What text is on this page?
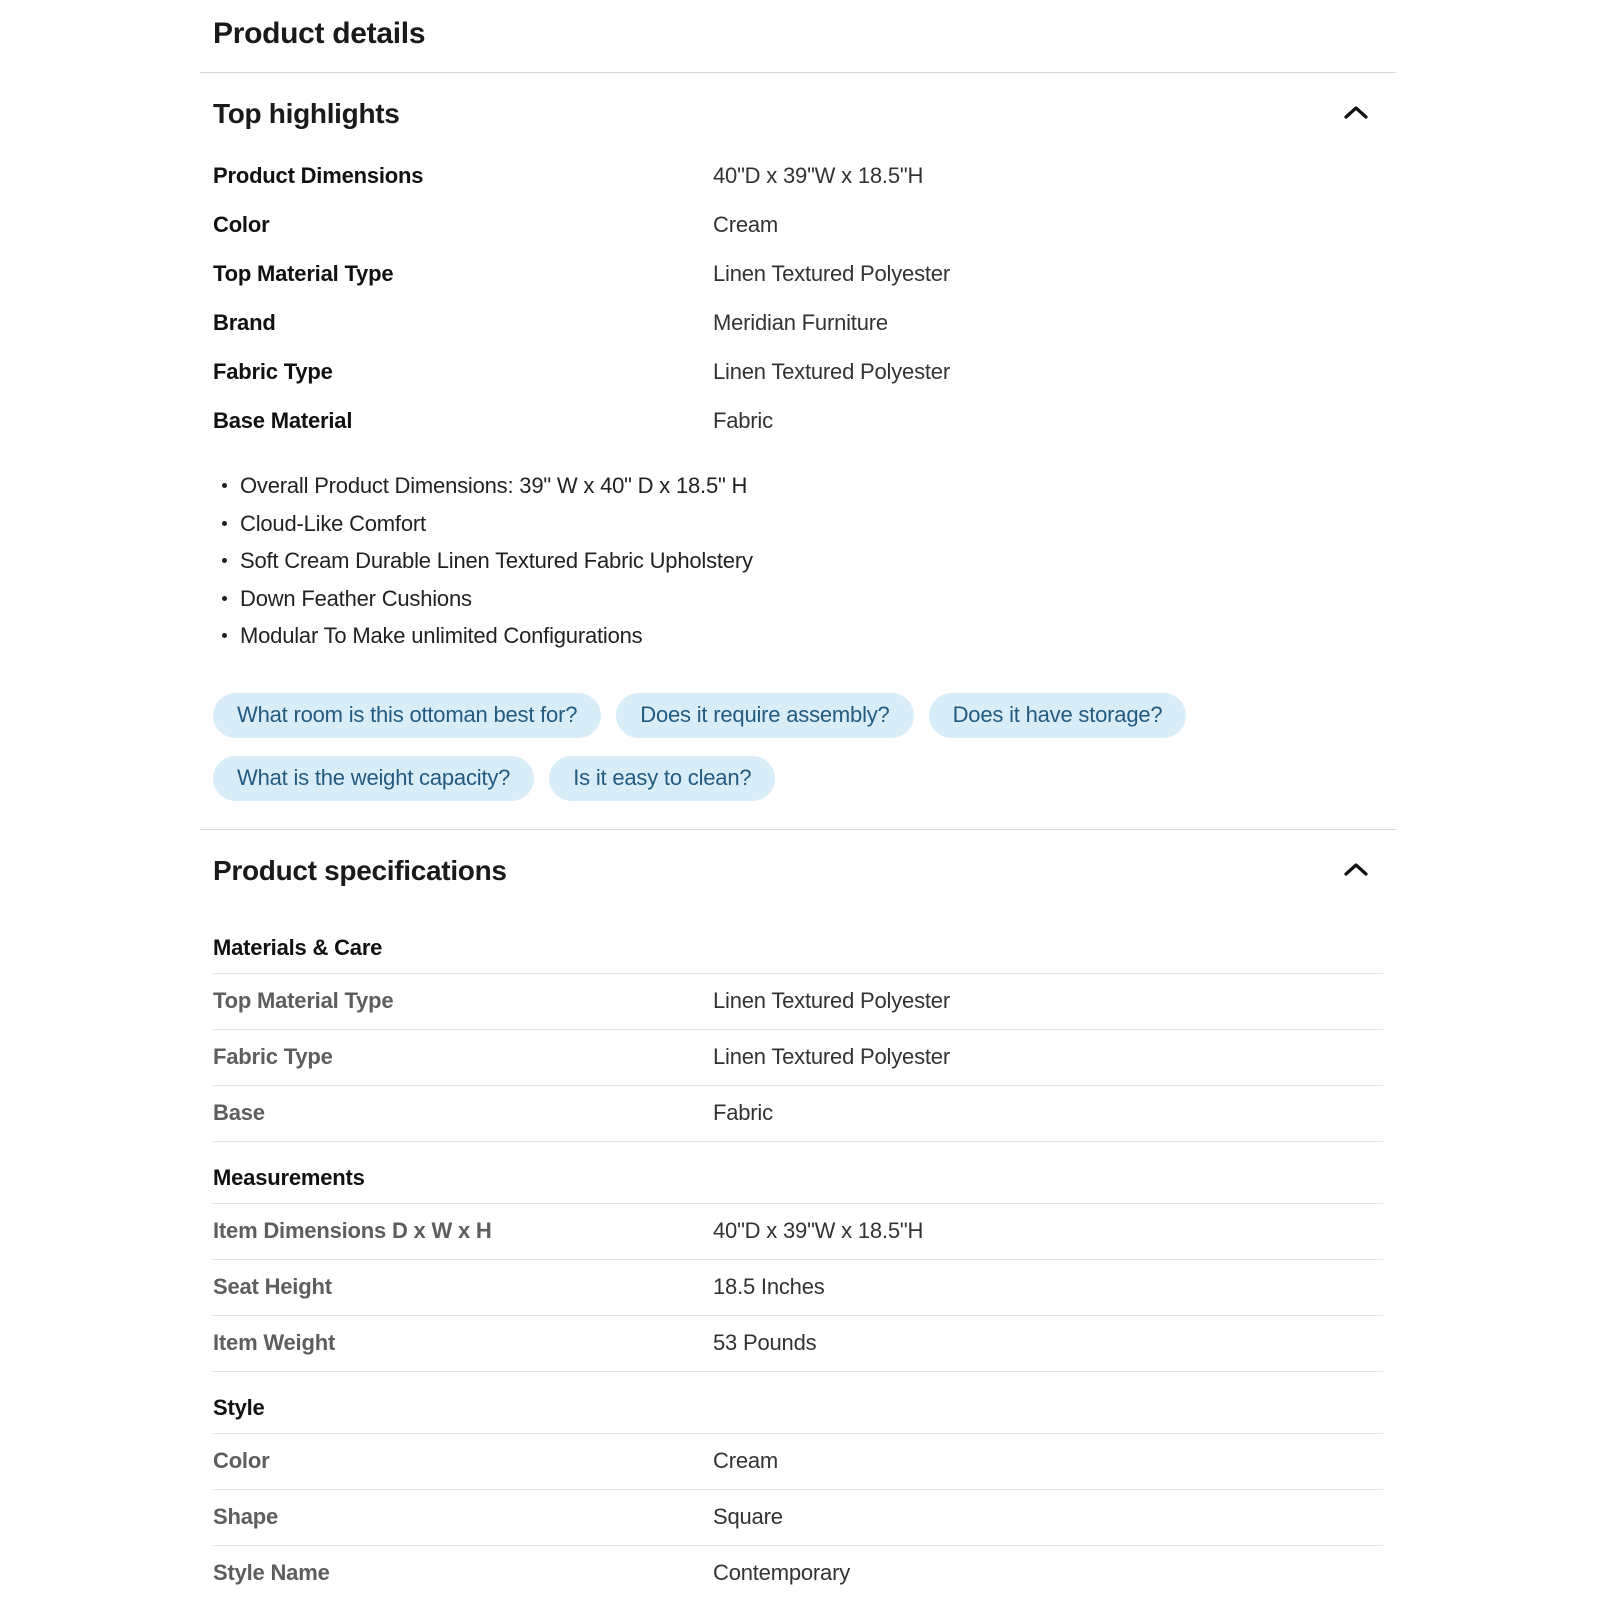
Product details
Top highlights
Product Dimensions	40"D x 39"W x 18.5"H
Color	Cream
Top Material Type	Linen Textured Polyester
Brand	Meridian Furniture
Fabric Type	Linen Textured Polyester
Base Material	Fabric
Overall Product Dimensions: 39" W x 40" D x 18.5" H
Cloud-Like Comfort
Soft Cream Durable Linen Textured Fabric Upholstery
Down Feather Cushions
Modular To Make unlimited Configurations
What room is this ottoman best for?	Does it require assembly?	Does it have storage?
What is the weight capacity?	Is it easy to clean?
Product specifications
Materials & Care
Top Material Type	Linen Textured Polyester
Fabric Type	Linen Textured Polyester
Base	Fabric
Measurements
Item Dimensions D x W x H	40"D x 39"W x 18.5"H
Seat Height	18.5 Inches
Item Weight	53 Pounds
Style
Color	Cream
Shape	Square
Style Name	Contemporary
